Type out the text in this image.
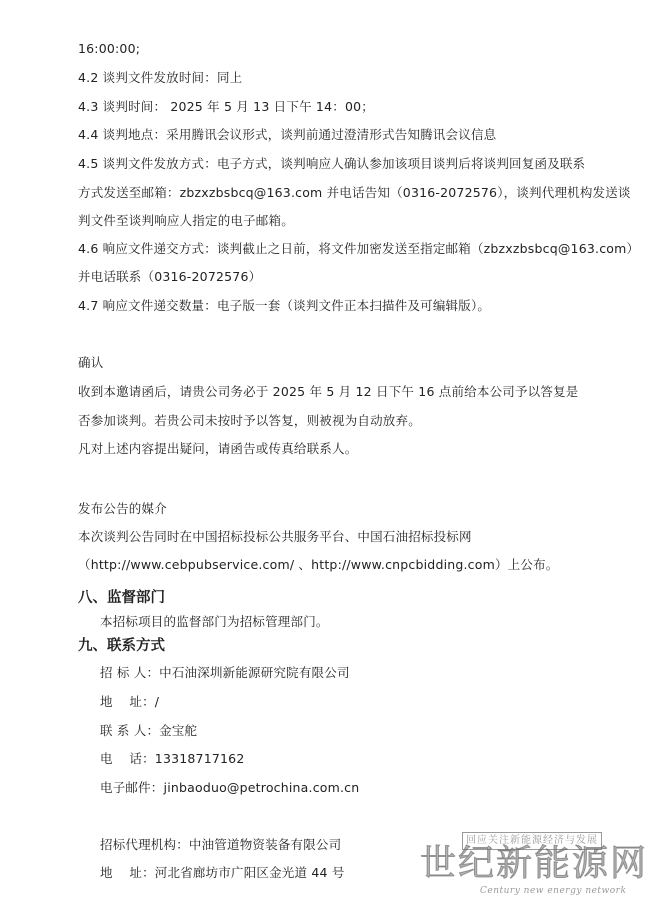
16:00:00;
4.2 谈判文件发放时间：同上
4.3 谈判时间： 2025 年 5 月 13 日下午 14：00；
4.4 谈判地点：采用腾讯会议形式，谈判前通过澄清形式告知腾讯会议信息
4.5 谈判文件发放方式：电子方式，谈判响应人确认参加该项目谈判后将谈判回复函及联系
方式发送至邮箱：zbzxzbsbcq@163.com 并电话告知（0316-2072576），谈判代理机构发送谈
判文件至谈判响应人指定的电子邮箱。
4.6 响应文件递交方式：谈判截止之日前，将文件加密发送至指定邮箱（zbzxzbsbcq@163.com）
并电话联系（0316-2072576）
4.7 响应文件递交数量：电子版一套（谈判文件正本扫描件及可编辑版）。
确认
收到本邀请函后，请贵公司务必于 2025 年 5 月 12 日下午 16 点前给本公司予以答复是
否参加谈判。若贵公司未按时予以答复，则被视为自动放弃。
凡对上述内容提出疑问，请函告或传真给联系人。
发布公告的媒介
本次谈判公告同时在中国招标投标公共服务平台、中国石油招标投标网
（http://www.cebpubservice.com/ 、http://www.cnpcbidding.com）上公布。
八、监督部门
本招标项目的监督部门为招标管理部门。
九、联系方式
招 标 人：中石油深圳新能源研究院有限公司
地    址：/
联 系 人：金宝舵
电    话：13318717162
电子邮件：jinbaoduo@petrochina.com.cn
招标代理机构：中油管道物资装备有限公司
地    址：河北省廊坊市广阳区金光道 44 号
回应关注新能源经济与发展
世纪新能源网
Century new energy network
